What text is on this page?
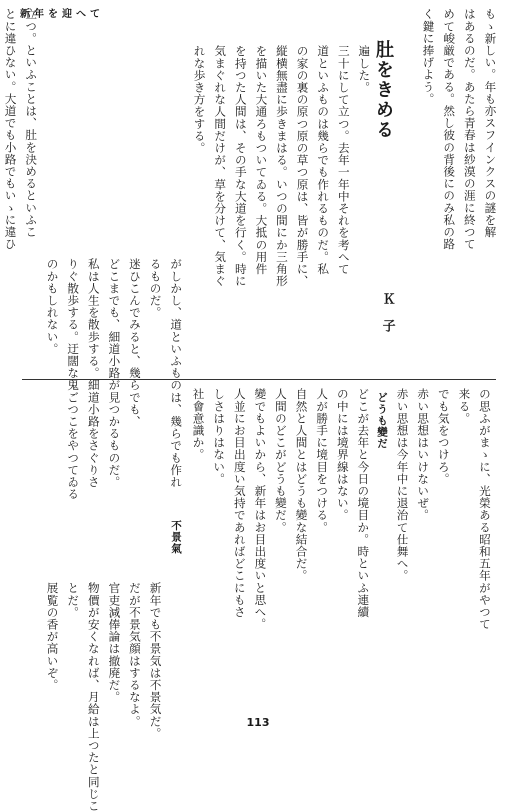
新年を迎へて	もゝ新しい。年も亦スフインクスの謎を解
はあるのだ。あたら青春は紗漠の涯に終つて
めて峻厳である。然し彼の背後にのみ私の路
く鍵に捧げよう。
肚をきめる
Ｋ　子
遍した。
三十にして立つ。去年一年中それを考へて
道といふものは幾らでも作れるものだ。私
の家の裏の原つ原の草つ原は、皆が勝手に、
縦横無盡に歩きまはる。いつの間にか三角形
を描いた大通ろもついてゐる。大抵の用件
を持つた人間は、その手な大道を行く。時に
気まぐれな人間だけが、草を分けて、気まぐ
れな歩き方をする。
がしかし、道といふものは、幾らでも作れ
るものだ。
迷ひこんでみると、幾らでも、
どこまでも、細道小路が見つかるものだ。
私は人生を散歩する。細道小路をさぐりさ
りぐ散歩する。迂闊な鬼ごつこをやつてゐる
のかもしれない。
立つ。といふことは、肚を決めるといふこ
とに違ひない。大道でも小路でもいゝに違ひ
の思ふがまゝに、光榮ある昭和五年がやつて
来る。
でも気をつけろ。
赤い思想はいけないぜ。
赤い思想は今年中に退治て仕舞へ。
どうも變だ
どこが去年と今日の境目か。時といふ連續
の中には境界線はない。
人が勝手に境目をつける。
自然と人間とはどうも變な結合だ。
人間のどこがどうも變だ。
變でもよいから、新年はお目出度いと思へ。
人並にお目出度い気持であればどこにもさ
しさはりはない。
社會意識か。
不景氣
新年でも不景気は不景気だ。
だが不景気顔はするなよ。
官吏減俸論は撤廃だ。
物價が安くなれば、月給は上つたと同じこ
とだ。
展覧の香が高いぞ。
113
